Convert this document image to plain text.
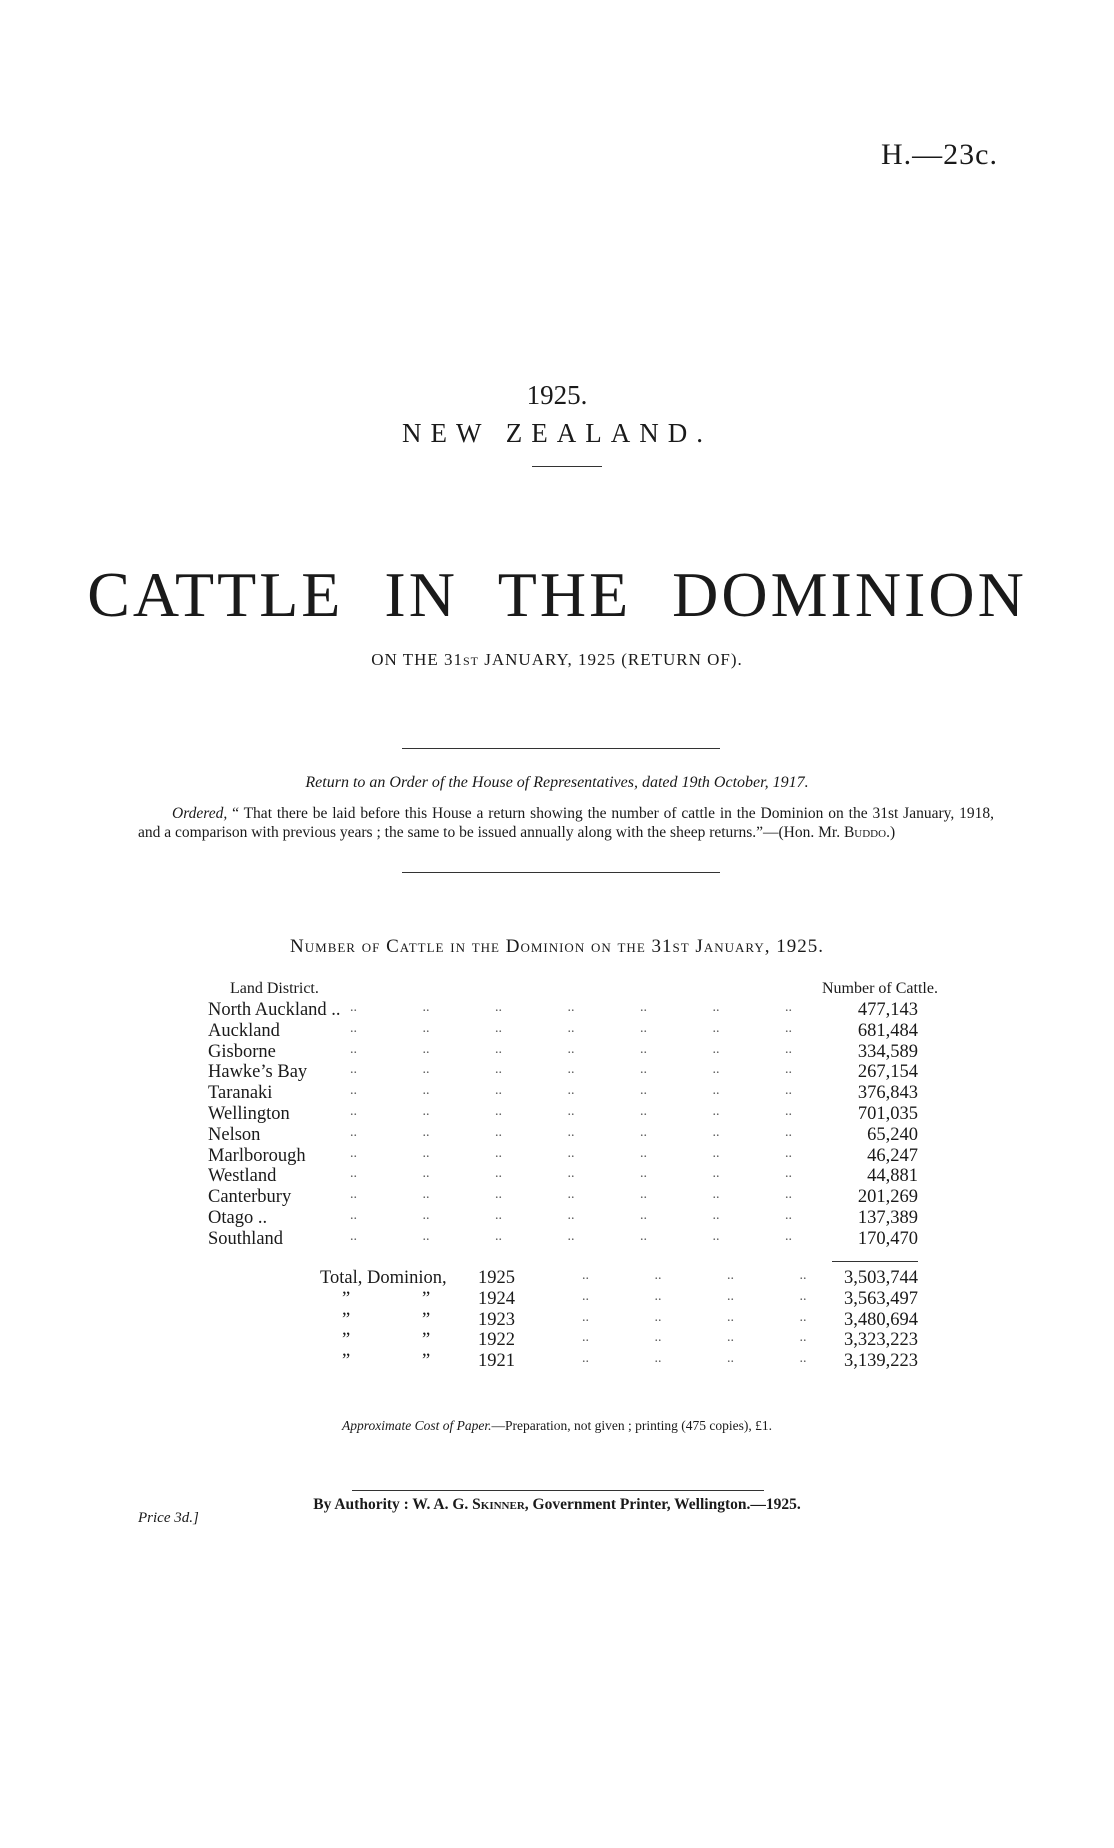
H.—23c.
1925.
NEW ZEALAND.
CATTLE IN THE DOMINION
ON THE 31ST JANUARY, 1925 (RETURN OF).
Return to an Order of the House of Representatives, dated 19th October, 1917.
Ordered, “ That there be laid before this House a return showing the number of cattle in the Dominion on the 31st January, 1918, and a comparison with previous years ; the same to be issued annually along with the sheep returns.”—(Hon. Mr. Buddo.)
Number of Cattle in the Dominion on the 31st January, 1925.
Land District.	Number of Cattle.
North Auckland .. .. .. .. .. .. .. ..	477,143
Auckland	.. .. .. .. .. .. ..	681,484
Gisborne	.. .. .. .. .. .. ..	334,589
Hawke’s Bay	.. .. .. .. .. .. ..	267,154
Taranaki	.. .. .. .. .. .. ..	376,843
Wellington	.. .. .. .. .. .. ..	701,035
Nelson	.. .. .. .. .. .. ..	65,240
Marlborough	.. .. .. .. .. .. ..	46,247
Westland	.. .. .. .. .. .. ..	44,881
Canterbury	.. .. .. .. .. .. ..	201,269
Otago ..	.. .. .. .. .. .. ..	137,389
Southland	.. .. .. .. .. .. ..	170,470
Total, Dominion, 1925	.. .. .. .. 3,503,744
”	”	1924	.. .. .. .. 3,563,497
”	”	1923	.. .. .. .. 3,480,694
”	”	1922	.. .. .. .. 3,323,223
”	”	1921	.. .. .. .. 3,139,223
Approximate Cost of Paper.—Preparation, not given ; printing (475 copies), £1.
By Authority : W. A. G. Skinner, Government Printer, Wellington.—1925.
Price 3d.]
